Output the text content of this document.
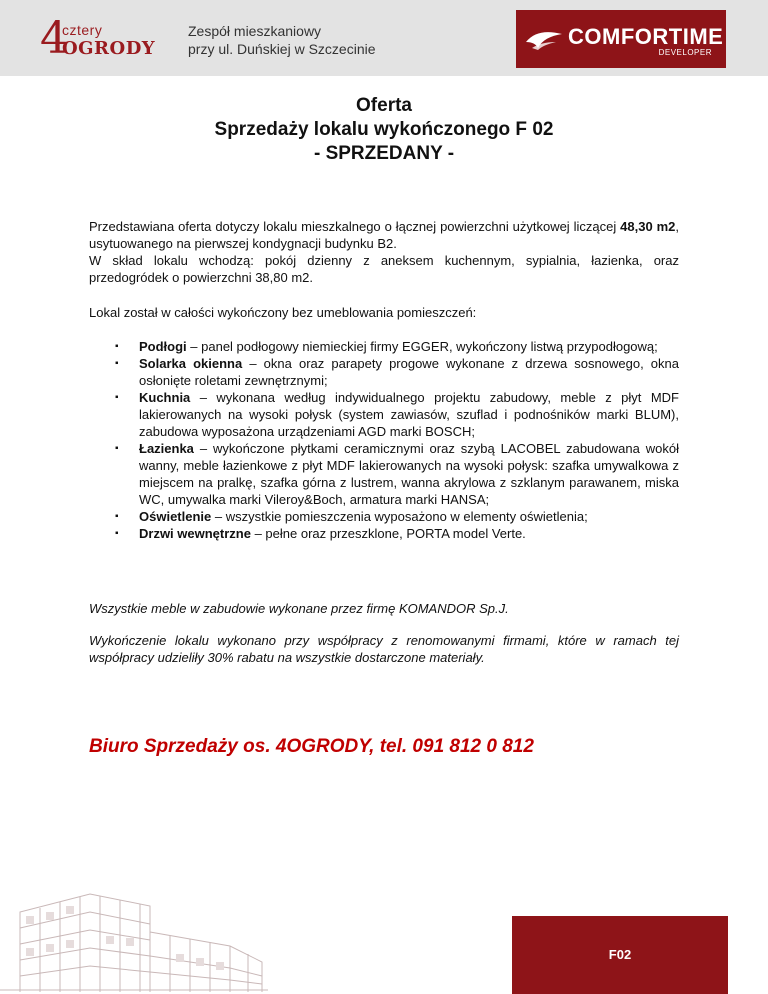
4
cztery
OGRODY
Zespół mieszkaniowy
przy ul. Duńskiej w Szczecinie	COMFORTIME
DEVELOPER
Oferta
Sprzedaży lokalu wykończonego F 02
- SPRZEDANY -
Przedstawiana oferta dotyczy lokalu mieszkalnego o łącznej powierzchni użytkowej liczącej 48,30 m2, usytuowanego na pierwszej kondygnacji budynku B2.
W skład lokalu wchodzą: pokój dzienny z aneksem kuchennym, sypialnia, łazienka, oraz przedogródek o powierzchni 38,80 m2.
Lokal został w całości wykończony bez umeblowania pomieszczeń:
▪ Podłogi – panel podłogowy niemieckiej firmy EGGER, wykończony listwą przypodłogową;
▪ Solarka okienna – okna oraz parapety progowe wykonane z drzewa sosnowego, okna osłonięte roletami zewnętrznymi;
▪ Kuchnia – wykonana według indywidualnego projektu zabudowy, meble z płyt MDF lakierowanych na wysoki połysk (system zawiasów, szuflad i podnośników marki BLUM), zabudowa wyposażona urządzeniami AGD marki BOSCH;
▪ Łazienka – wykończone płytkami ceramicznymi oraz szybą LACOBEL zabudowana wokół wanny, meble łazienkowe z płyt MDF lakierowanych na wysoki połysk: szafka umywalkowa z miejscem na pralkę, szafka górna z lustrem, wanna akrylowa z szklanym parawanem, miska WC, umywalka marki Vileroy&Boch, armatura marki HANSA;
▪ Oświetlenie – wszystkie pomieszczenia wyposażono w elementy oświetlenia;
▪ Drzwi wewnętrzne – pełne oraz przeszklone, PORTA model Verte.
Wszystkie meble w zabudowie wykonane przez firmę KOMANDOR Sp.J.
Wykończenie lokalu wykonano przy współpracy z renomowanymi firmami, które w ramach tej współpracy udzieliły 30% rabatu na wszystkie dostarczone materiały.
Biuro Sprzedaży os. 4OGRODY, tel. 091 812 0 812
F02
